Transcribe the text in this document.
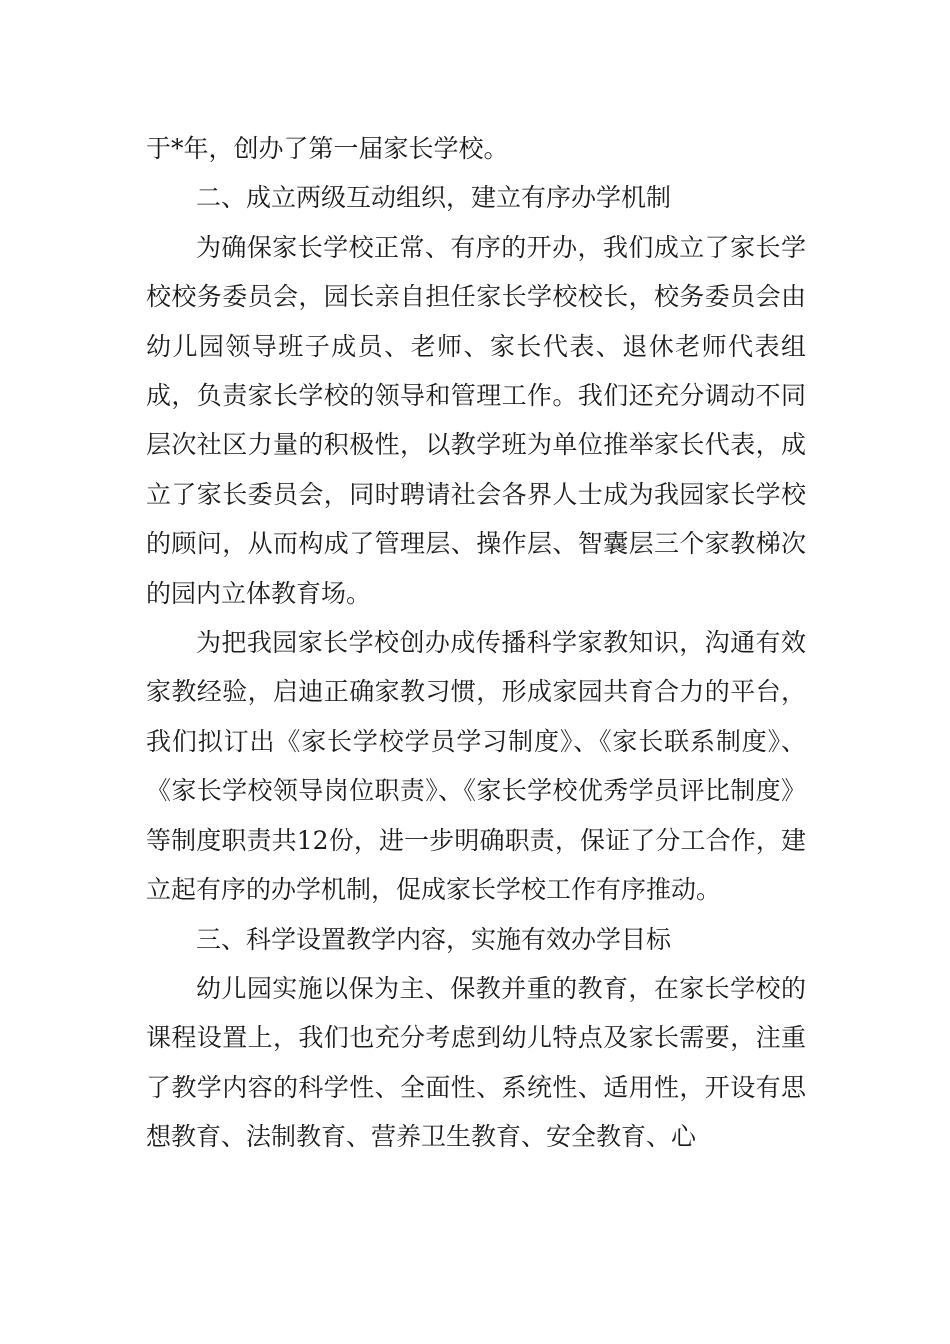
于*年，创办了第一届家长学校。

二、成立两级互动组织，建立有序办学机制

为确保家长学校正常、有序的开办，我们成立了家长学校校务委员会，园长亲自担任家长学校校长，校务委员会由幼儿园领导班子成员、老师、家长代表、退休老师代表组成，负责家长学校的领导和管理工作。我们还充分调动不同层次社区力量的积极性，以教学班为单位推举家长代表，成立了家长委员会，同时聘请社会各界人士成为我园家长学校的顾问，从而构成了管理层、操作层、智囊层三个家教梯次的园内立体教育场。

为把我园家长学校创办成传播科学家教知识，沟通有效家教经验，启迪正确家教习惯，形成家园共育合力的平台，我们拟订出《家长学校学员学习制度》、《家长联系制度》、《家长学校领导岗位职责》、《家长学校优秀学员评比制度》等制度职责共12份，进一步明确职责，保证了分工合作，建立起有序的办学机制，促成家长学校工作有序推动。

三、科学设置教学内容，实施有效办学目标

幼儿园实施以保为主、保教并重的教育，在家长学校的课程设置上，我们也充分考虑到幼儿特点及家长需要，注重了教学内容的科学性、全面性、系统性、适用性，开设有思想教育、法制教育、营养卫生教育、安全教育、心
